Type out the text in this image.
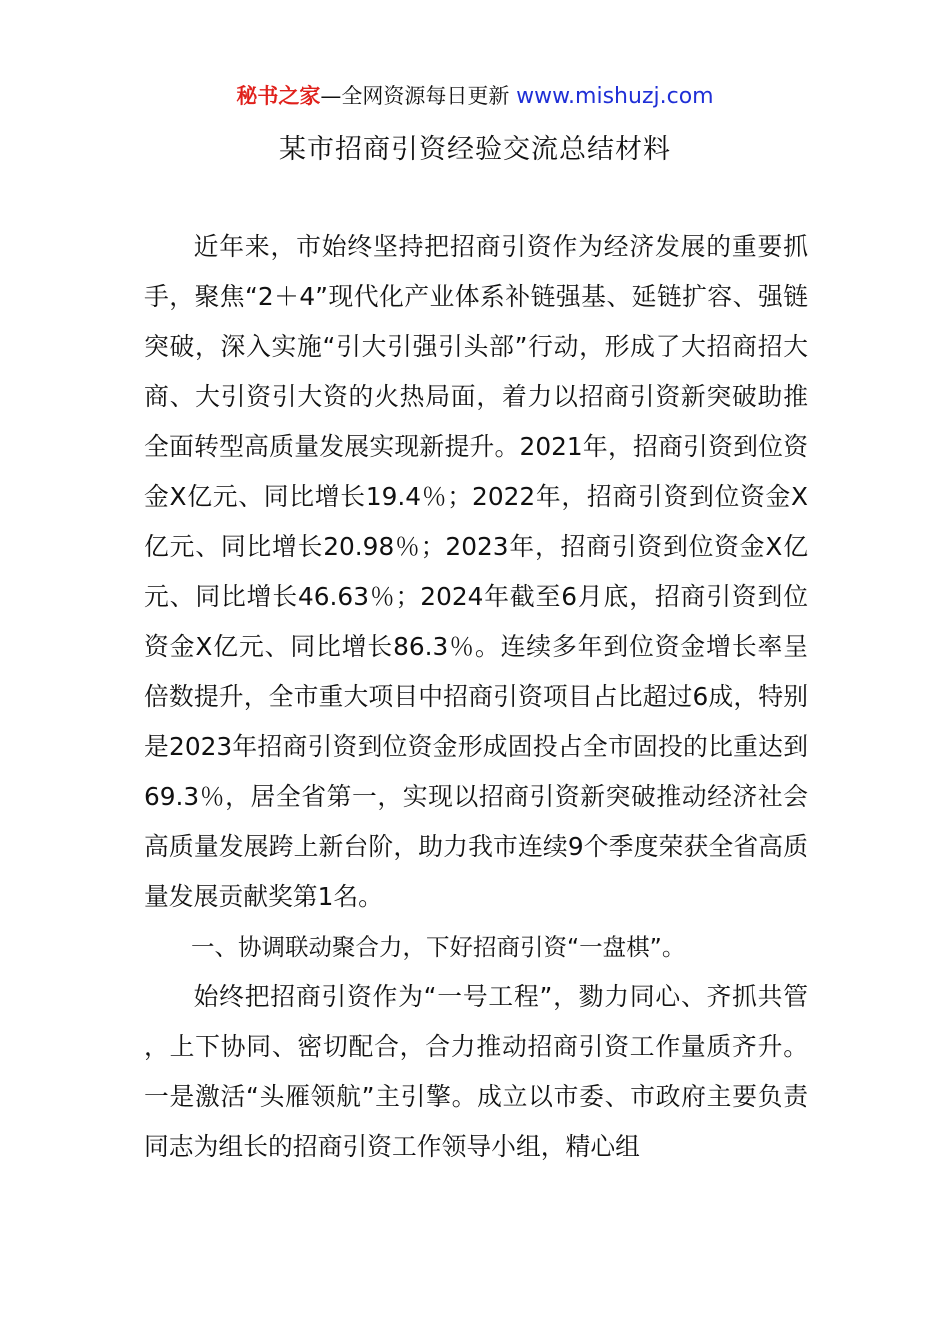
秘书之家—全网资源每日更新 www.mishuzj.com
某市招商引资经验交流总结材料

近年来，市始终坚持把招商引资作为经济发展的重要抓手，聚焦“2＋4”现代化产业体系补链强基、延链扩容、强链突破，深入实施“引大引强引头部”行动，形成了大招商招大商、大引资引大资的火热局面，着力以招商引资新突破助推全面转型高质量发展实现新提升。2021年，招商引资到位资金Ⅹ亿元、同比增长19.4％；2022年，招商引资到位资金Ⅹ亿元、同比增长20.98％；2023年，招商引资到位资金Ⅹ亿元、同比增长46.63％；2024年截至6月底，招商引资到位资金Ⅹ亿元、同比增长86.3％。连续多年到位资金增长率呈倍数提升，全市重大项目中招商引资项目占比超过6成，特别是2023年招商引资到位资金形成固投占全市固投的比重达到69.3％，居全省第一，实现以招商引资新突破推动经济社会高质量发展跨上新台阶，助力我市连续9个季度荣获全省高质量发展贡献奖第1名。

一、协调联动聚合力，下好招商引资“一盘棋”。

始终把招商引资作为“一号工程”，勠力同心、齐抓共管，上下协同、密切配合，合力推动招商引资工作量质齐升。一是激活“头雁领航”主引擎。成立以市委、市政府主要负责同志为组长的招商引资工作领导小组，精心组
